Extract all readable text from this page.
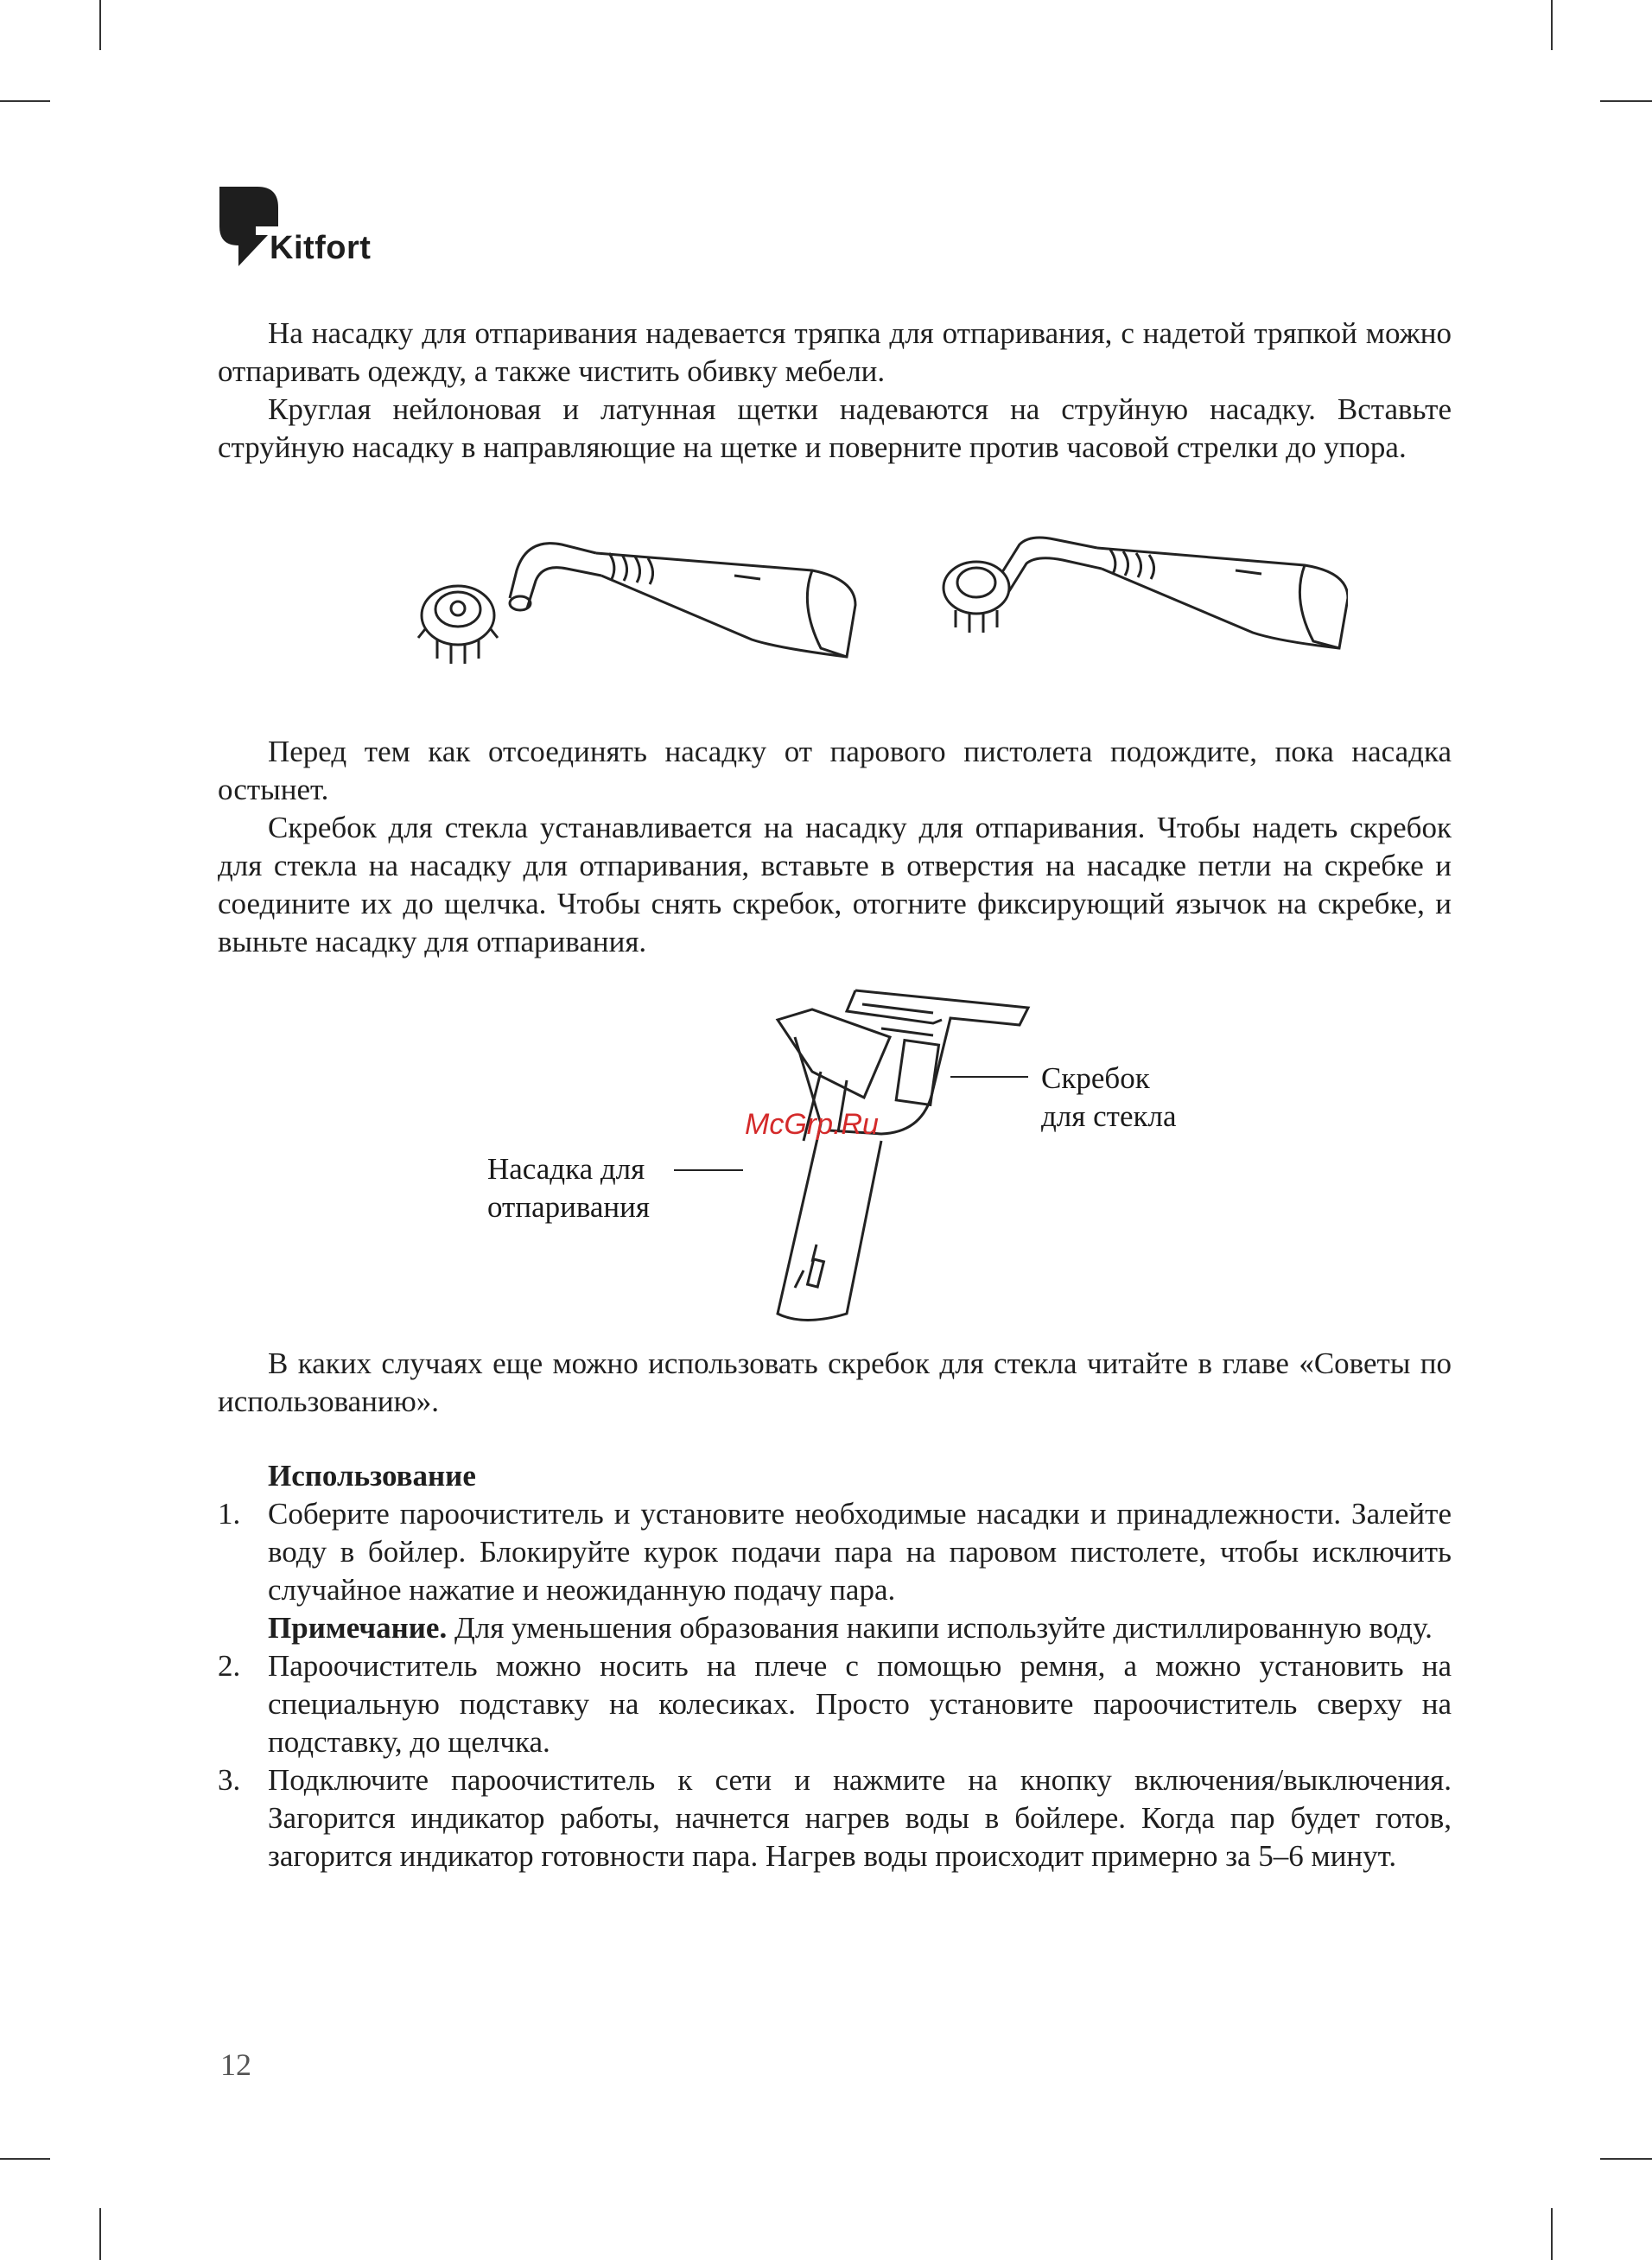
Kitfort
На насадку для отпаривания надевается тряпка для отпаривания, с надетой тряпкой можно отпаривать одежду, а также чистить обивку мебели.
Круглая нейлоновая и латунная щетки надеваются на струйную насадку. Вставьте струйную насадку в направляющие на щетке и поверните против часовой стрелки до упора.
Перед тем как отсоединять насадку от парового пистолета подождите, пока насадка остынет.
Скребок для стекла устанавливается на насадку для отпаривания. Чтобы надеть скребок для стекла на насадку для отпаривания, вставьте в отверстия на насадке петли на скребке и соедините их до щелчка. Чтобы снять скребок, отогните фиксирующий язычок на скребке, и выньте насадку для отпаривания.
Скребок
для стекла
Насадка для
отпаривания
McGrp.Ru
В каких случаях еще можно использовать скребок для стекла читайте в главе «Советы по использованию».
Использование
1. Соберите пароочиститель и установите необходимые насадки и принадлежности. Залейте воду в бойлер. Блокируйте курок подачи пара на паровом пистолете, чтобы исключить случайное нажатие и неожиданную подачу пара.
Примечание. Для уменьшения образования накипи используйте дистиллированную воду.
2. Пароочиститель можно носить на плече с помощью ремня, а можно установить на специальную подставку на колесиках. Просто установите пароочиститель сверху на подставку, до щелчка.
3. Подключите пароочиститель к сети и нажмите на кнопку включения/выключения. Загорится индикатор работы, начнется нагрев воды в бойлере. Когда пар будет готов, загорится индикатор готовности пара. Нагрев воды происходит примерно за 5–6 минут.
12
